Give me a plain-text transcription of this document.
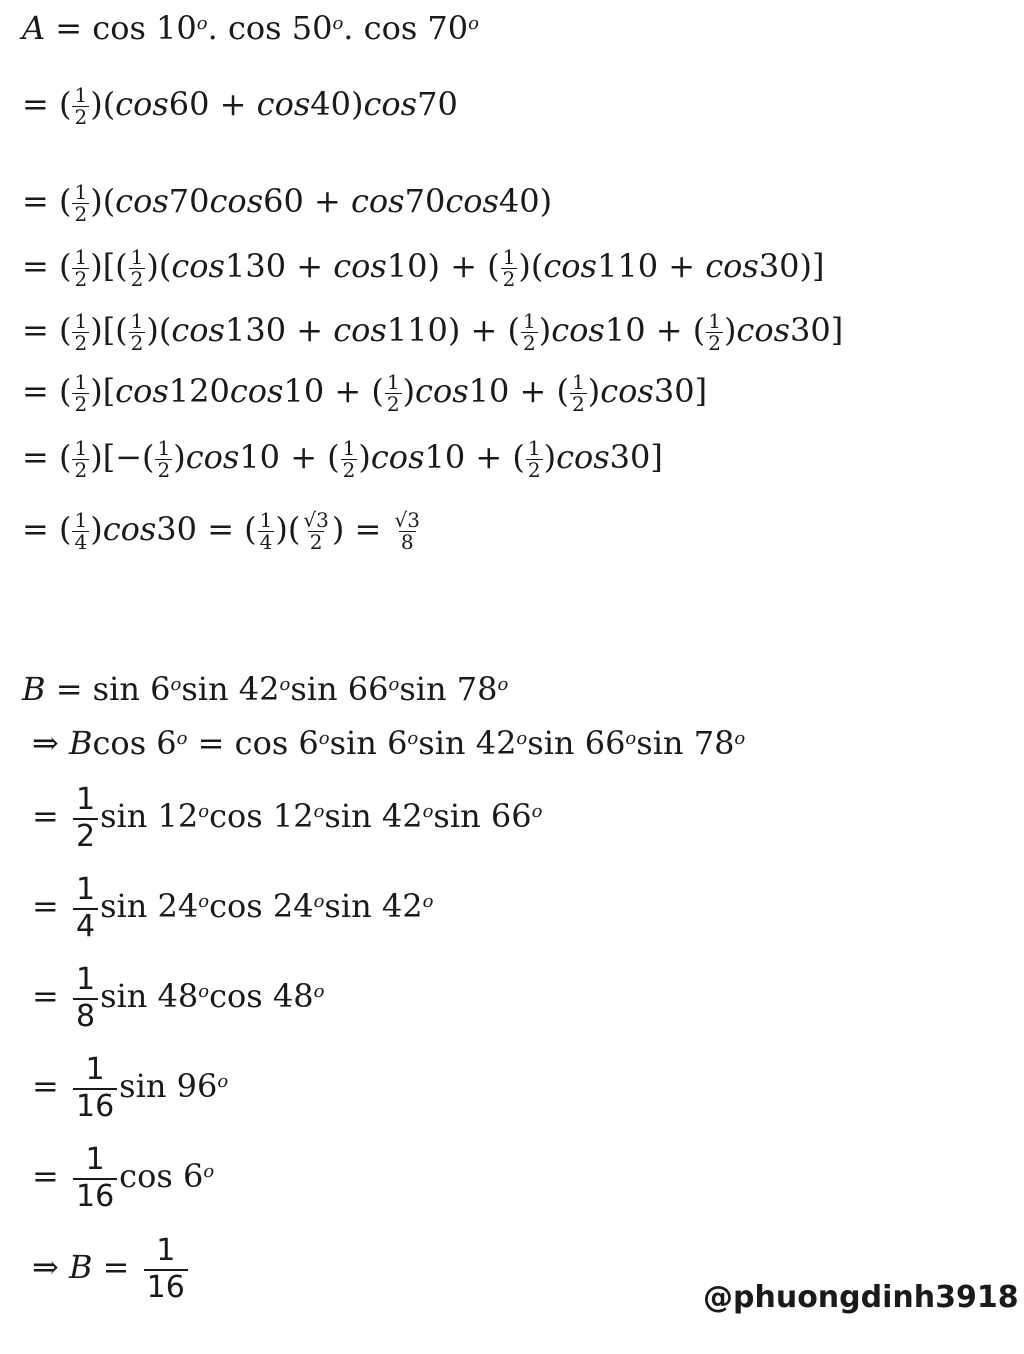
A = cos 10$^o$. cos 50$^o$. $\cos 70^o$
= ( $\frac{1}{2} )(\cos 60 + \cos 40)\cos 70$
= ( $\frac{1}{2} )(\cos 70\cos 60 + \cos 70\cos 40)$
= ( $\frac{1}{2}$ )[( $\frac{1}{2} )(\cos 130 + \cos 10)$ + ( $\frac{1}{2} )(\cos 110 + \cos 30)$]
= ( $\frac{1}{2}$ )[( $\frac{1}{2} )(\cos 130 + \cos 110)$ + ( $\frac{1}{2} )\cos 10$ + ( $\frac{1}{2} )\cos 30$]
= ( $\frac{1}{2} )[\cos 120\cos 10$ + ( $\frac{1}{2} )\cos 10$ + ( $\frac{1}{2} )\cos 30$]
= ( $\frac{1}{2}$ )[−( $\frac{1}{2} )\cos 10$ + ( $\frac{1}{2} )\cos 10$ + ( $\frac{1}{2} )\cos 30$]
= ( $\frac{1}{4} )\cos 30$ = ( $\frac{1}{4}$ )( $\frac{√3}{2}$ ) = $\frac{√3}{8}$
B = sin 6$^o$sin 42$^o$sin 66$^o$sin 78$^o$
⇒ Bcos $6^o = \cos 6^o\sin$ 6$^o$sin 42$^o$sin 66$^o$sin $78^o$
= $\frac{1}{2}$ sin 12$^o$cos 12$^o$sin 42$^o$sin $66^o$
= $\frac{1}{4}$ sin 24$^o$cos 24$^o$sin $42^o$
= $\frac{1}{8}$ sin 48$^o$cos $48^o$
= $\frac{1}{16}$ $\sin 96^o$
= $\frac{1}{16}$ cos 6$^o$
⇒ $B = \frac{1}{16}$	@phuongdinh3918
